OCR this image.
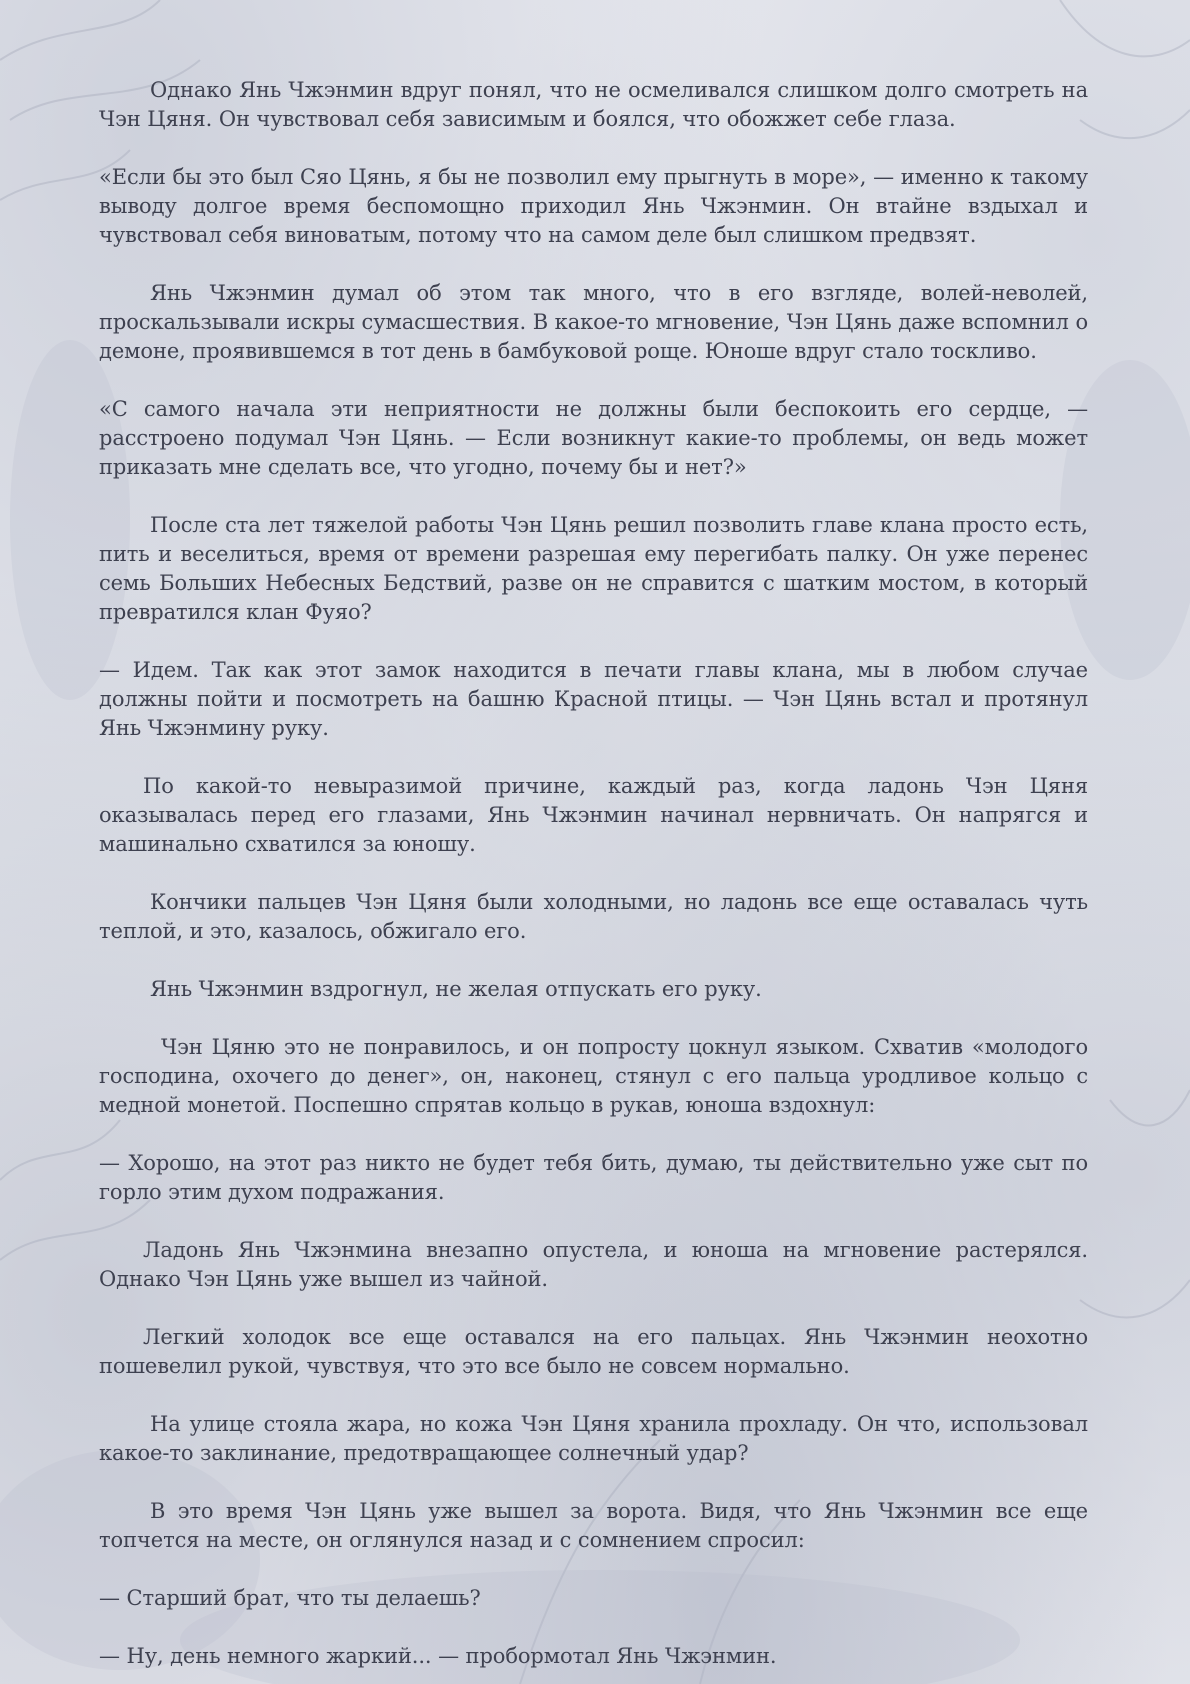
Однако Янь Чжэнмин вдруг понял, что не осмеливался слишком долго смотреть на Чэн Цяня. Он чувствовал себя зависимым и боялся, что обожжет себе глаза.

«Если бы это был Сяо Цянь, я бы не позволил ему прыгнуть в море», — именно к такому выводу долгое время беспомощно приходил Янь Чжэнмин. Он втайне вздыхал и чувствовал себя виноватым, потому что на самом деле был слишком предвзят.

Янь Чжэнмин думал об этом так много, что в его взгляде, волей-неволей, проскальзывали искры сумасшествия. В какое-то мгновение, Чэн Цянь даже вспомнил о демоне, проявившемся в тот день в бамбуковой роще. Юноше вдруг стало тоскливо.

«С самого начала эти неприятности не должны были беспокоить его сердце, — расстроено подумал Чэн Цянь. — Если возникнут какие-то проблемы, он ведь может приказать мне сделать все, что угодно, почему бы и нет?»

После ста лет тяжелой работы Чэн Цянь решил позволить главе клана просто есть, пить и веселиться, время от времени разрешая ему перегибать палку. Он уже перенес семь Больших Небесных Бедствий, разве он не справится с шатким мостом, в который превратился клан Фуяо?

— Идем. Так как этот замок находится в печати главы клана, мы в любом случае должны пойти и посмотреть на башню Красной птицы. — Чэн Цянь встал и протянул Янь Чжэнмину руку.

По какой-то невыразимой причине, каждый раз, когда ладонь Чэн Цяня оказывалась перед его глазами, Янь Чжэнмин начинал нервничать. Он напрягся и машинально схватился за юношу.

Кончики пальцев Чэн Цяня были холодными, но ладонь все еще оставалась чуть теплой, и это, казалось, обжигало его.

Янь Чжэнмин вздрогнул, не желая отпускать его руку.

Чэн Цяню это не понравилось, и он попросту цокнул языком. Схватив «молодого господина, охочего до денег», он, наконец, стянул с его пальца уродливое кольцо с медной монетой. Поспешно спрятав кольцо в рукав, юноша вздохнул:

— Хорошо, на этот раз никто не будет тебя бить, думаю, ты действительно уже сыт по горло этим духом подражания.

Ладонь Янь Чжэнмина внезапно опустела, и юноша на мгновение растерялся. Однако Чэн Цянь уже вышел из чайной.

Легкий холодок все еще оставался на его пальцах. Янь Чжэнмин неохотно пошевелил рукой, чувствуя, что это все было не совсем нормально.

На улице стояла жара, но кожа Чэн Цяня хранила прохладу. Он что, использовал какое-то заклинание, предотвращающее солнечный удар?

В это время Чэн Цянь уже вышел за ворота. Видя, что Янь Чжэнмин все еще топчется на месте, он оглянулся назад и с сомнением спросил:

— Старший брат, что ты делаешь?

— Ну, день немного жаркий... — пробормотал Янь Чжэнмин.
